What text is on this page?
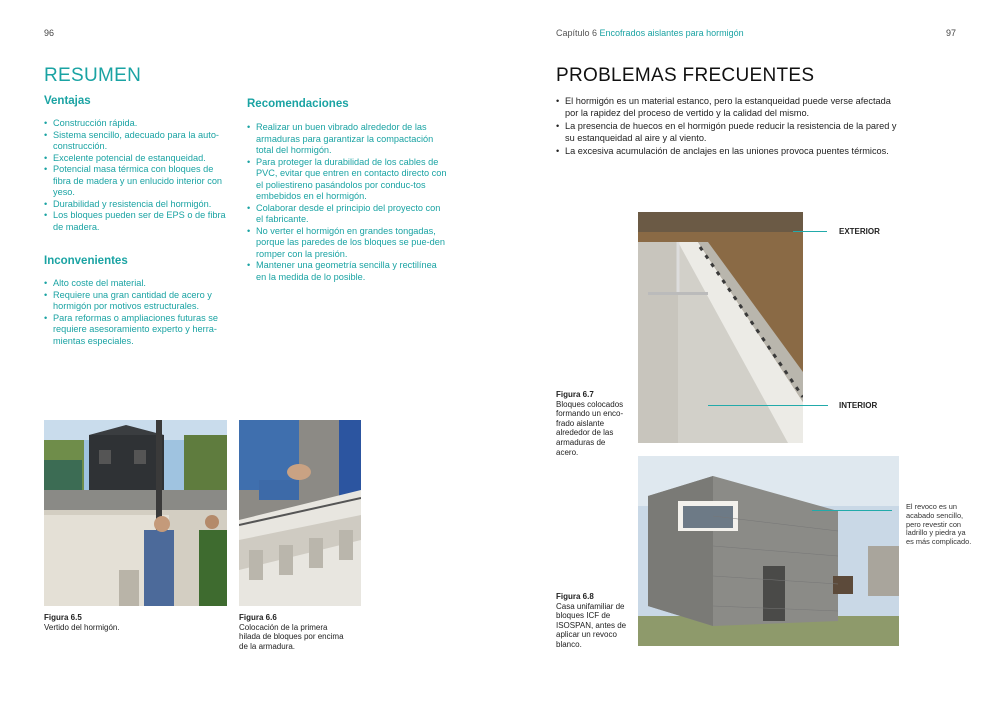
96
RESUMEN
Ventajas
• Construcción rápida.
• Sistema sencillo, adecuado para la auto-construcción.
• Excelente potencial de estanqueidad.
• Potencial masa térmica con bloques de fibra de madera y un enlucido interior con yeso.
• Durabilidad y resistencia del hormigón.
• Los bloques pueden ser de EPS o de fibra de madera.
Inconvenientes
• Alto coste del material.
• Requiere una gran cantidad de acero y hormigón por motivos estructurales.
• Para reformas o ampliaciones futuras se requiere asesoramiento experto y herra-mientas especiales.
Recomendaciones
• Realizar un buen vibrado alrededor de las armaduras para garantizar la compactación total del hormigón.
• Para proteger la durabilidad de los cables de PVC, evitar que entren en contacto directo con el poliestireno pasándolos por conduc-tos embebidos en el hormigón.
• Colaborar desde el principio del proyecto con el fabricante.
• No verter el hormigón en grandes tongadas, porque las paredes de los bloques se pue-den romper con la presión.
• Mantener una geometría sencilla y rectilínea en la medida de lo posible.
Figura 6.5
Vertido del hormigón.
Figura 6.6
Colocación de la primera hilada de bloques por encima de la armadura.
Capítulo 6 Encofrados aislantes para hormigón	97
PROBLEMAS FRECUENTES
• El hormigón es un material estanco, pero la estanqueidad puede verse afectada por la rapidez del proceso de vertido y la calidad del mismo.
• La presencia de huecos en el hormigón puede reducir la resistencia de la pared y su estanqueidad al aire y al viento.
• La excesiva acumulación de anclajes en las uniones provoca puentes térmicos.
EXTERIOR
INTERIOR
Figura 6.7
Bloques colocados formando un enco-frado aislante alrededor de las armaduras de acero.
El revoco es un acabado sencillo, pero revestir con ladrillo y piedra ya es más complicado.
Figura 6.8
Casa unifamiliar de bloques ICF de ISOSPAN, antes de aplicar un revoco blanco.
